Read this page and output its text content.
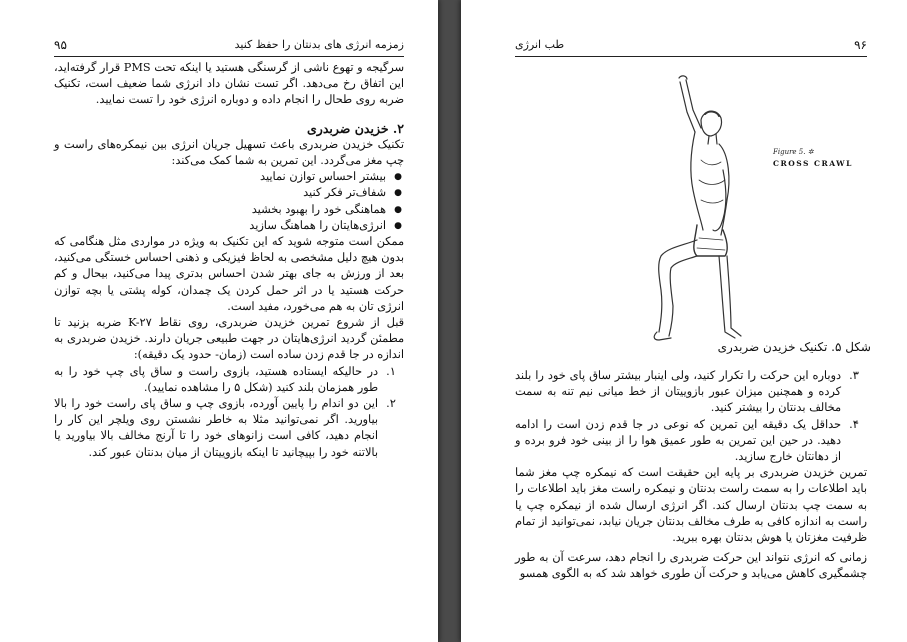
۹۵	زمزمه انرژی های بدنتان را حفظ کنید

سرگیجه و تهوع ناشی از گرسنگی هستید یا اینکه تحت PMS قرار گرفته‌اید، این اتفاق رخ می‌دهد. اگر تست نشان داد انرژی شما ضعیف است، تکنیک ضربه روی طحال را انجام داده و دوباره انرژی خود را تست نمایید.

۲. خزیدن ضربدری

تکنیک خزیدن ضربدری باعث تسهیل جریان انرژی بین نیمکره‌های راست و چپ مغز می‌گردد. این تمرین به شما کمک می‌کند:

● بیشتر احساس توازن نمایید
● شفاف‌تر فکر کنید
● هماهنگی خود را بهبود بخشید
● انرژی‌هایتان را هماهنگ سازید

ممکن است متوجه شوید که این تکنیک به ویژه در مواردی مثل هنگامی که بدون هیچ دلیل مشخصی به لحاظ فیزیکی و ذهنی احساس خستگی می‌کنید، بعد از ورزش به جای بهتر شدن احساس بدتری پیدا می‌کنید، بیحال و کم حرکت هستید یا در اثر حمل کردن یک چمدان، کوله پشتی یا بچه توازن انرژی تان به هم می‌خورد، مفید است.

قبل از شروع تمرین خزیدن ضربدری، روی نقاط K-۲۷ ضربه بزنید تا مطمئن گردید انرژی‌هایتان در جهت طبیعی جریان دارند. خزیدن ضربدری به اندازه در جا قدم زدن ساده است (زمان- حدود یک دقیقه):

۱.
در حالیکه ایستاده هستید، بازوی راست و ساق پای چپ خود را به طور همزمان بلند کنید (شکل ۵ را مشاهده نمایید).
۲.
این دو اندام را پایین آورده، بازوی چپ و ساق پای راست خود را بالا بیاورید. اگر نمی‌توانید مثلا به خاطر نشستن روی ویلچر این کار را انجام دهید، کافی است زانوهای خود را تا آرنج مخالف بالا بیاورید یا بالاتنه خود را بپیچانید تا اینکه بازوییتان از میان بدنتان عبور کند.
طب انرژی	۹۶
Figure 5. ✲
CROSS CRAWL
شکل ۵. تکنیک خزیدن ضربدری
۳.
دوباره این حرکت را تکرار کنید، ولی اینبار بیشتر ساق پای خود را بلند کرده و همچنین میزان عبور بازوییتان از خط میانی نیم تنه به سمت مخالف بدنتان را بیشتر کنید.
۴.
حداقل یک دقیقه این تمرین که نوعی در جا قدم زدن است را ادامه دهید. در حین این تمرین به طور عمیق هوا را از بینی خود فرو برده و از دهانتان خارج سازید.

تمرین خزیدن ضربدری بر پایه این حقیقت است که نیمکره چپ مغز شما باید اطلاعات را به سمت راست بدنتان و نیمکره راست مغز باید اطلاعات را به سمت چپ بدنتان ارسال کند. اگر انرژی ارسال شده از نیمکره چپ یا راست به اندازه کافی به طرف مخالف بدنتان جریان نیابد، نمی‌توانید از تمام ظرفیت مغزتان یا هوش بدنتان بهره ببرید.

زمانی که انرژی نتواند این حرکت ضربدری را انجام دهد، سرعت آن به طور چشمگیری کاهش می‌یابد و حرکت آن طوری خواهد شد که به الگوی همسو
